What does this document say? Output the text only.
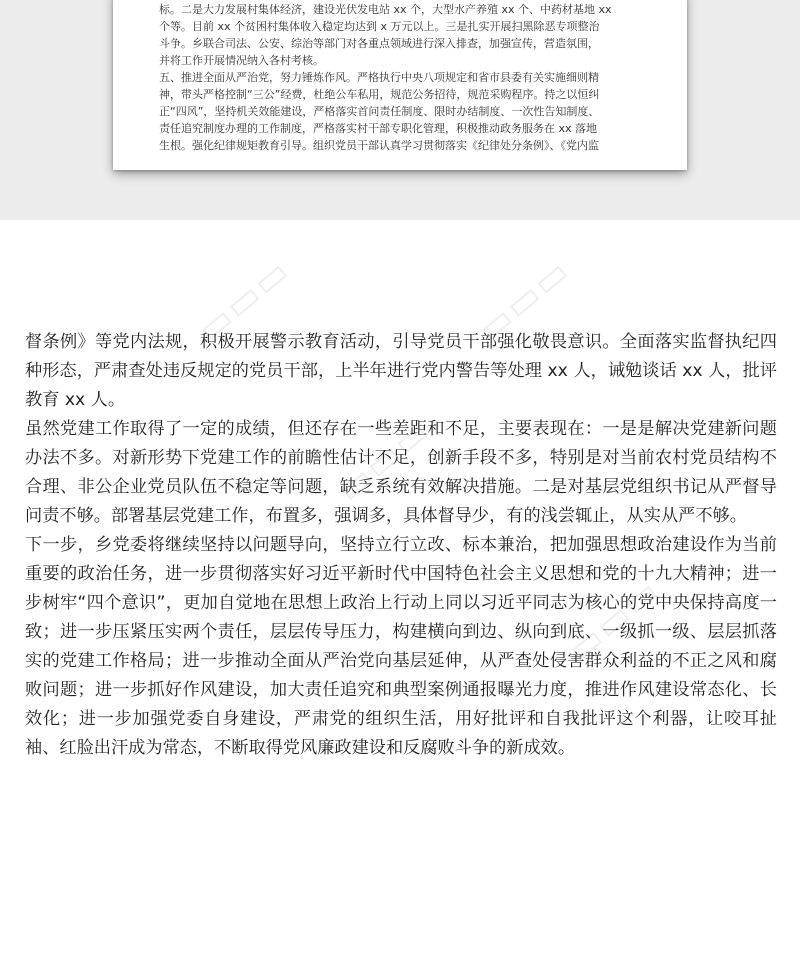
标。二是大力发展村集体经济，建设光伏发电站 xx 个，大型水产养殖 xx 个、中药材基地 xx

个等。目前 xx 个贫困村集体收入稳定均达到 x 万元以上。三是扎实开展扫黑除恶专项整治

斗争。乡联合司法、公安、综治等部门对各重点领域进行深入排查，加强宣传，营造氛围，

并将工作开展情况纳入各村考核。

五、推进全面从严治党，努力锤炼作风。严格执行中央八项规定和省市县委有关实施细则精

神，带头严格控制“三公”经费，杜绝公车私用，规范公务招待，规范采购程序。持之以恒纠

正“四风”，坚持机关效能建设，严格落实首问责任制度、限时办结制度、一次性告知制度、

责任追究制度办理的工作制度，严格落实村干部专职化管理，积极推动政务服务在 xx 落地

生根。强化纪律规矩教育引导。组织党员干部认真学习贯彻落实《纪律处分条例》、《党内监

▭▭▭	▭▭▭
▭▭▭
▭▭▭

督条例》等党内法规，积极开展警示教育活动，引导党员干部强化敬畏意识。全面落实监督执纪四种形态，严肃查处违反规定的党员干部，上半年进行党内警告等处理 xx 人，诫勉谈话 xx 人，批评教育 xx 人。

虽然党建工作取得了一定的成绩，但还存在一些差距和不足，主要表现在：一是是解决党建新问题办法不多。对新形势下党建工作的前瞻性估计不足，创新手段不多，特别是对当前农村党员结构不合理、非公企业党员队伍不稳定等问题，缺乏系统有效解决措施。二是对基层党组织书记从严督导问责不够。部署基层党建工作，布置多，强调多，具体督导少，有的浅尝辄止，从实从严不够。

下一步，乡党委将继续坚持以问题导向，坚持立行立改、标本兼治，把加强思想政治建设作为当前重要的政治任务，进一步贯彻落实好习近平新时代中国特色社会主义思想和党的十九大精神；进一步树牢“四个意识”，更加自觉地在思想上政治上行动上同以习近平同志为核心的党中央保持高度一致；进一步压紧压实两个责任，层层传导压力，构建横向到边、纵向到底、一级抓一级、层层抓落实的党建工作格局；进一步推动全面从严治党向基层延伸，从严查处侵害群众利益的不正之风和腐败问题；进一步抓好作风建设，加大责任追究和典型案例通报曝光力度，推进作风建设常态化、长效化；进一步加强党委自身建设，严肃党的组织生活，用好批评和自我批评这个利器，让咬耳扯袖、红脸出汗成为常态，不断取得党风廉政建设和反腐败斗争的新成效。
